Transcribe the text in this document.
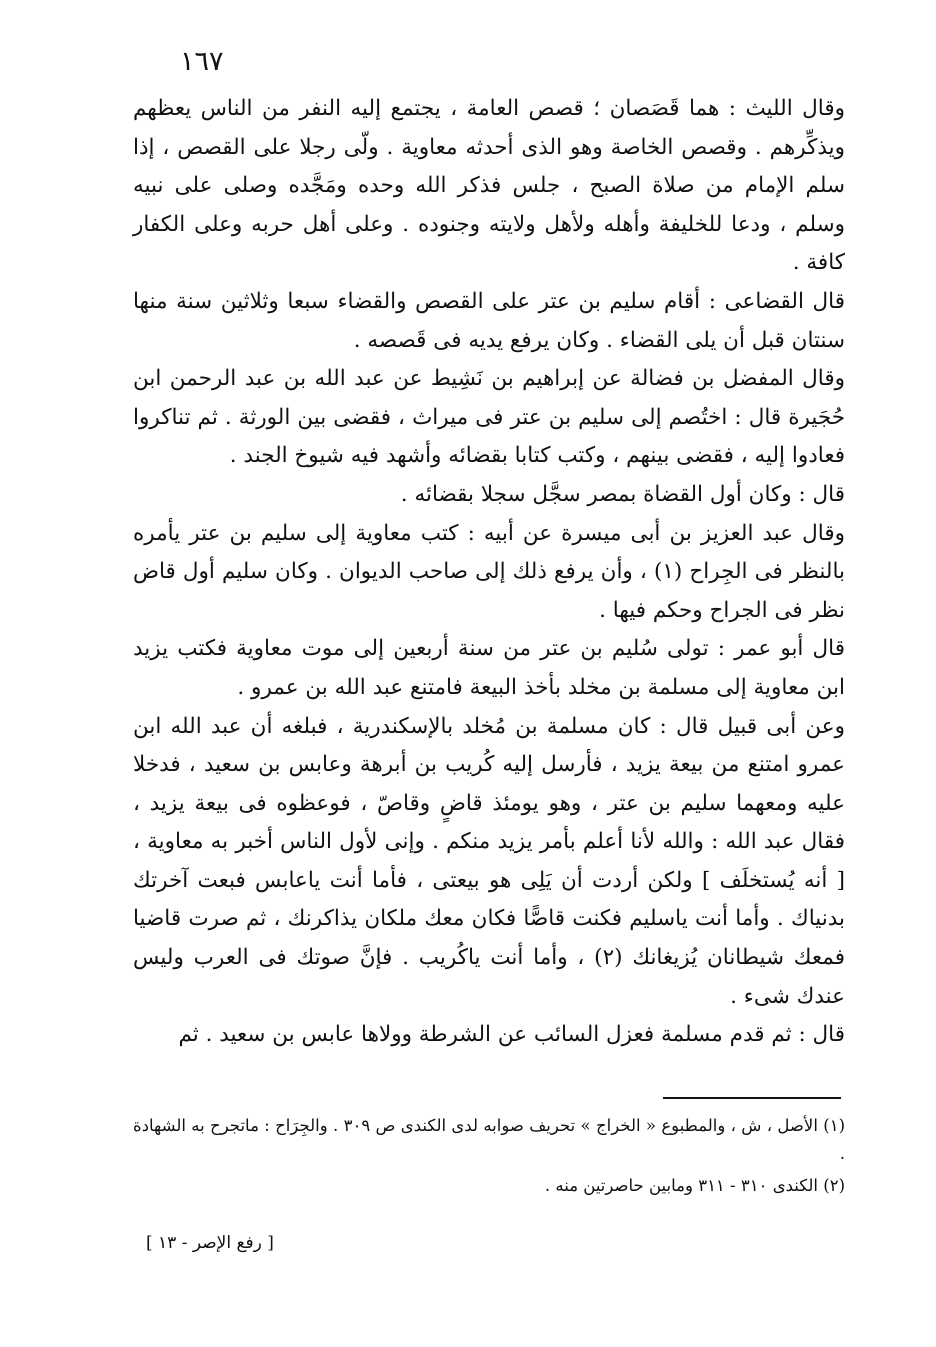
١٦٧

وقال الليث : هما قَصَصان ؛ قصص العامة ، يجتمع إليه النفر من الناس يعظهم ويذكِّرهم . وقصص الخاصة وهو الذى أحدثه معاوية . ولّى رجلا على القصص ، إذا سلم الإمام من صلاة الصبح ، جلس فذكر الله وحده ومَجَّده وصلى على نبيه وسلم ، ودعا للخليفة وأهله ولأهل ولايته وجنوده . وعلى أهل حربه وعلى الكفار كافة .

قال القضاعى : أقام سليم بن عتر على القصص والقضاء سبعا وثلاثين سنة منها سنتان قبل أن يلى القضاء . وكان يرفع يديه فى قَصصه .

وقال المفضل بن فضالة عن إبراهيم بن نَشِيط عن عبد الله بن عبد الرحمن ابن حُجَيرة قال : اختُصم إلى سليم بن عتر فى ميراث ، فقضى بين الورثة . ثم تناكروا فعادوا إليه ، فقضى بينهم ، وكتب كتابا بقضائه وأشهد فيه شيوخ الجند .

قال : وكان أول القضاة بمصر سجَّل سجلا بقضائه .

وقال عبد العزيز بن أبى ميسرة عن أبيه : كتب معاوية إلى سليم بن عتر يأمره بالنظر فى الجِراح (١) ، وأن يرفع ذلك إلى صاحب الديوان . وكان سليم أول قاض نظر فى الجراح وحكم فيها .

قال أبو عمر : تولى سُليم بن عتر من سنة أربعين إلى موت معاوية فكتب يزيد ابن معاوية إلى مسلمة بن مخلد بأخذ البيعة فامتنع عبد الله بن عمرو .

وعن أبى قبيل قال : كان مسلمة بن مُخلد بالإسكندرية ، فبلغه أن عبد الله ابن عمرو امتنع من بيعة يزيد ، فأرسل إليه كُريب بن أبرهة وعابس بن سعيد ، فدخلا عليه ومعهما سليم بن عتر ، وهو يومئذ قاضٍ وقاصّ ، فوعظوه فى بيعة يزيد ، فقال عبد الله : والله لأنا أعلم بأمر يزيد منكم . وإنى لأول الناس أخبر به معاوية ، [ أنه يُستخلَف ] ولكن أردت أن يَلِى هو بيعتى ، فأما أنت ياعابس فبعت آخرتك بدنياك . وأما أنت ياسليم فكنت قاصًّا فكان معك ملكان يذاكرنك ، ثم صرت قاضيا فمعك شيطانان يُزيغانك (٢) ، وأما أنت ياكُريب . فإنَّ صوتك فى العرب وليس عندك شىء .

قال : ثم قدم مسلمة فعزل السائب عن الشرطة وولاها عابس بن سعيد . ثم

(١) الأصل ، ش ، والمطبوع « الخراج » تحريف صوابه لدى الكندى ص ٣٠٩ . والجِرَاح : ماتجرح به الشهادة .

(٢) الكندى ٣١٠ - ٣١١ ومابين حاصرتين منه .

[ رفع الإصر - ١٣ ]
